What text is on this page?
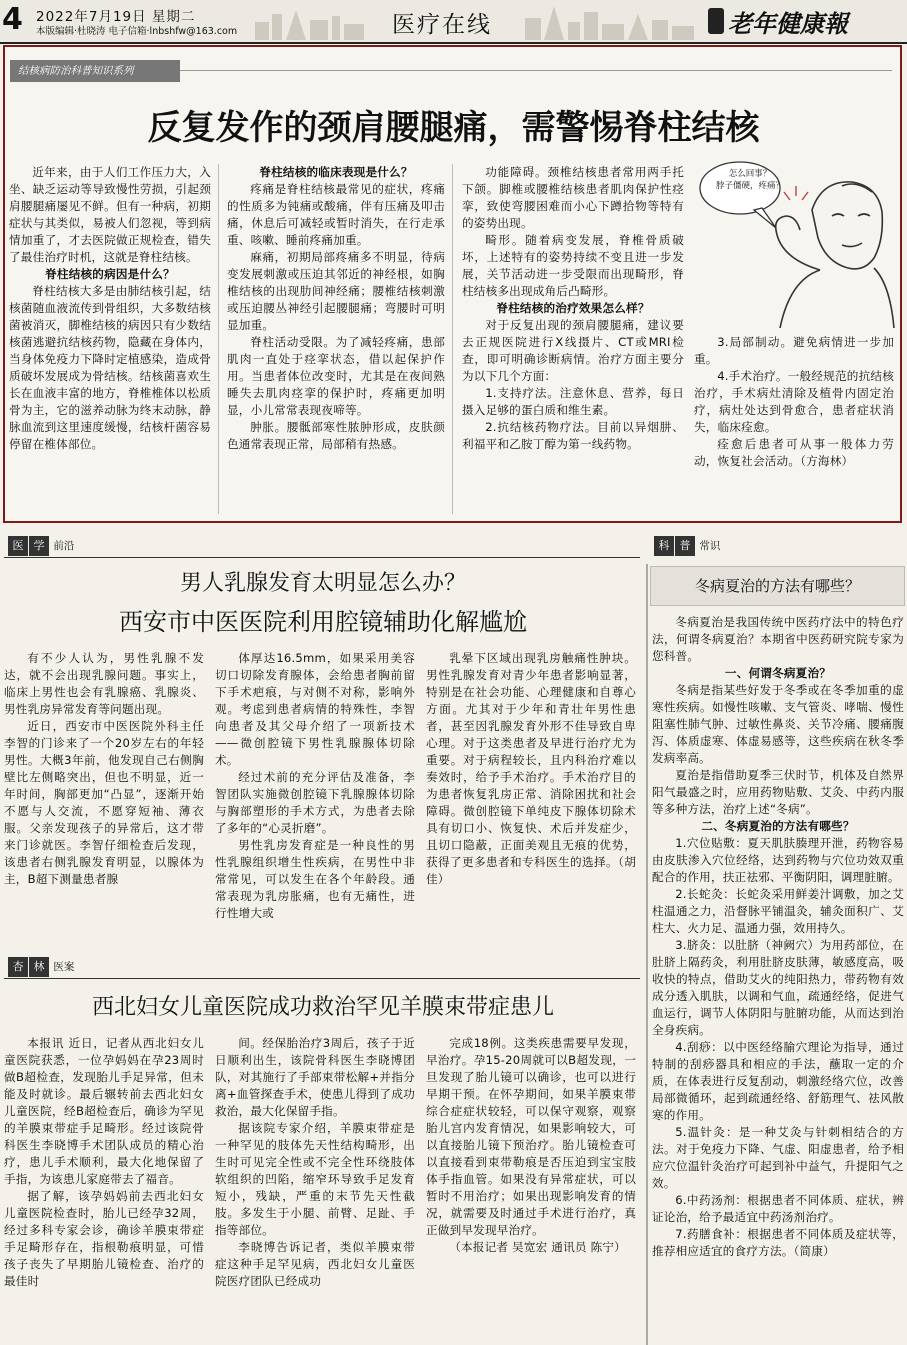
4 2022年7月19日 星期二
本版编辑·杜晓涛 电子信箱·lnbshfw@163.com	医疗在线	老年健康報
结核病防治科普知识系列
反复发作的颈肩腰腿痛，需警惕脊柱结核

近年来，由于人们工作压力大，入坐、缺乏运动等导致慢性劳损，引起颈肩腰腿痛屡见不鲜。但有一种病，初期症状与其类似，易被人们忽视，等到病情加重了，才去医院做正规检查，错失了最佳治疗时机，这就是脊柱结核。

脊柱结核的病因是什么？

脊柱结核大多是由肺结核引起，结核菌随血液流传到骨组织，大多数结核菌被消灭，脚椎结核的病因只有少数结核菌逃避抗结核药物，隐藏在身体内，当身体免疫力下降时定植感染，造成骨质破坏发展成为骨结核。结核菌喜欢生长在血液丰富的地方，脊椎椎体以松质骨为主，它的滋养动脉为终末动脉，静脉血流到这里速度缓慢，结核杆菌容易停留在椎体部位。

脊柱结核的临床表现是什么？

疼痛是脊柱结核最常见的症状，疼痛的性质多为钝痛或酸痛，伴有压痛及叩击痛，休息后可减轻或暂时消失，在行走承重、咳嗽、睡前疼痛加重。

麻痛，初期局部疼痛多不明显，待病变发展刺激或压迫其邻近的神经根，如胸椎结核的出现肋间神经痛；腰椎结核刺激或压迫腰丛神经引起腰腿痛；弯腰时可明显加重。

脊柱活动受限。为了减轻疼痛，患部肌肉一直处于痉挛状态，借以起保护作用。当患者体位改变时，尤其是在夜间熟睡失去肌肉痉挛的保护时，疼痛更加明显，小儿常常表现夜啼等。

肿胀。腰骶部寒性脓肿形成，皮肤颜色通常表现正常，局部稍有热感。

功能障碍。颈椎结核患者常用两手托下颌。脚椎或腰椎结核患者肌肉保护性痉挛，致使弯腰困难而小心下蹲拾物等特有的姿势出现。

畸形。随着病变发展，脊椎骨质破坏，上述特有的姿势持续不变且进一步发展，关节活动进一步受限而出现畸形，脊柱结核多出现成角后凸畸形。

脊柱结核的治疗效果怎么样？

对于反复出现的颈肩腰腿痛，建议要去正规医院进行X线摄片、CT或MRI检查，即可明确诊断病情。治疗方面主要分为以下几个方面：

1.支持疗法。注意休息、营养，每日摄入足够的蛋白质和维生素。

2.抗结核药物疗法。目前以异烟肼、利福平和乙胺丁醇为第一线药物。

3.局部制动。避免病情进一步加重。

4.手术治疗。一般经规范的抗结核治疗，手术病灶清除及植骨内固定治疗，病灶处达到骨愈合，患者症状消失，临床痊愈。

痊愈后患者可从事一般体力劳动，恢复社会活动。（方海林）

怎么回事？
脖子僵硬，疼痛？
医 学 前沿
男人乳腺发育太明显怎么办？
西安市中医医院利用腔镜辅助化解尴尬

有不少人认为，男性乳腺不发达，就不会出现乳腺问题。事实上，临床上男性也会有乳腺癌、乳腺炎、男性乳房异常发育等问题出现。

近日，西安市中医医院外科主任李智的门诊来了一个20岁左右的年轻男性。大概3年前，他发现自己右侧胸壁比左侧略突出，但也不明显，近一年时间，胸部更加“凸显”，逐渐开始不愿与人交流，不愿穿短袖、薄衣服。父亲发现孩子的异常后，这才带来门诊就医。李智仔细检查后发现，该患者右侧乳腺发育明显，以腺体为主，B超下测量患者腺

体厚达16.5mm，如果采用美容切口切除发育腺体，会给患者胸前留下手术疤痕，与对侧不对称，影响外观。考虑到患者病情的特殊性，李智向患者及其父母介绍了一项新技术——微创腔镜下男性乳腺腺体切除术。

经过术前的充分评估及准备，李智团队实施微创腔镜下乳腺腺体切除与胸部塑形的手术方式，为患者去除了多年的“心灵折磨”。

男性乳房发育症是一种良性的男性乳腺组织增生性疾病，在男性中非常常见，可以发生在各个年龄段。通常表现为乳房胀痛，也有无痛性，进行性增大或

乳晕下区域出现乳房触痛性肿块。男性乳腺发育对青少年患者影响显著，特别是在社会功能、心理健康和自尊心方面。尤其对于少年和青壮年男性患者，甚至因乳腺发育外形不佳导致自卑心理。对于这类患者及早进行治疗尤为重要。对于病程较长，且内科治疗难以奏效时，给予手术治疗。手术治疗目的为患者恢复乳房正常、消除困扰和社会障碍。微创腔镜下单纯皮下腺体切除术具有切口小、恢复快、术后并发症少，且切口隐蔽，正面美观且无痕的优势，获得了更多患者和专科医生的选择。（胡佳）

杏 林 医案
西北妇女儿童医院成功救治罕见羊膜束带症患儿

本报讯 近日，记者从西北妇女儿童医院获悉，一位孕妈妈在孕23周时做B超检查，发现胎儿手足异常，但未能及时就诊。最后辗转前去西北妇女儿童医院，经B超检查后，确诊为罕见的羊膜束带症手足畸形。经过该院骨科医生李晓博手术团队成员的精心治疗，患儿手术顺利，最大化地保留了手指，为该患儿家庭带去了福音。

据了解，该孕妈妈前去西北妇女儿童医院检查时，胎儿已经孕32周，经过多科专家会诊，确诊羊膜束带症手足畸形存在，指根勒痕明显，可惜孩子丧失了早期胎儿镜检查、治疗的最佳时

间。经保胎治疗3周后，孩子于近日顺利出生，该院骨科医生李晓博团队，对其施行了手部束带松解+并指分离+血管探查手术，使患儿得到了成功救治，最大化保留手指。

据该院专家介绍，羊膜束带症是一种罕见的肢体先天性结构畸形，出生时可见完全性或不完全性环绕肢体软组织的凹陷，缩窄环导致手足发育短小，残缺，严重的末节先天性截肢。多发生于小腿、前臂、足趾、手指等部位。

李晓博告诉记者，类似羊膜束带症这种手足罕见病，西北妇女儿童医院医疗团队已经成功

完成18例。这类疾患需要早发现，早治疗。孕15-20周就可以B超发现，一旦发现了胎儿镜可以确诊，也可以进行早期干预。在怀孕期间，如果羊膜束带综合症症状较轻，可以保守观察，观察胎儿宫内发育情况，如果影响较大，可以直接胎儿镜下预治疗。胎儿镜检查可以直接看到束带勒痕是否压迫到宝宝肢体手指血管。如果没有异常症状，可以暂时不用治疗；如果出现影响发育的情况，就需要及时通过手术进行治疗，真正做到早发现早治疗。

（本报记者 吴宽宏 通讯员 陈宁）

科 普 常识
冬病夏治的方法有哪些？

冬病夏治是我国传统中医药疗法中的特色疗法，何谓冬病夏治？本期省中医药研究院专家为您科普。

一、何谓冬病夏治？

冬病是指某些好发于冬季或在冬季加重的虚寒性疾病。如慢性咳嗽、支气管炎、哮喘、慢性阻塞性肺气肿、过敏性鼻炎、关节冷痛、腰痛腹泻、体质虚寒、体虚易感等，这些疾病在秋冬季发病率高。

夏治是指借助夏季三伏时节，机体及自然界阳气最盛之时，应用药物贴敷、艾灸、中药内服等多种方法，治疗上述“冬病”。

二、冬病夏治的方法有哪些？

1.穴位贴敷：夏天肌肤腠理开泄，药物容易由皮肤渗入穴位经络，达到药物与穴位功效双重配合的作用，扶正祛邪、平衡阴阳，调理脏腑。

2.长蛇灸：长蛇灸采用鲜姜汁调敷，加之艾柱温通之力，沿督脉平铺温灸，辅灸面积广、艾柱大、火力足、温通力强，效用持久。

3.脐灸：以肚脐（神阙穴）为用药部位，在肚脐上隔药灸，利用肚脐皮肤薄，敏感度高，吸收快的特点，借助艾火的纯阳热力，带药物有效成分透入肌肤，以调和气血，疏通经络，促进气血运行，调节人体阴阳与脏腑功能，从而达到治全身疾病。

4.刮痧：以中医经络腧穴理论为指导，通过特制的刮痧器具和相应的手法，蘸取一定的介质，在体表进行反复刮动，刺激经络穴位，改善局部微循环，起到疏通经络、舒筋理气、祛风散寒的作用。

5.温针灸：是一种艾灸与针刺相结合的方法。对于免疫力下降、气虚、阳虚患者，给予相应穴位温针灸治疗可起到补中益气，升提阳气之效。

6.中药汤剂：根据患者不同体质、症状，辨证论治，给予最适宜中药汤剂治疗。

7.药膳食补：根据患者不同体质及症状等，推荐相应适宜的食疗方法。（简康）
